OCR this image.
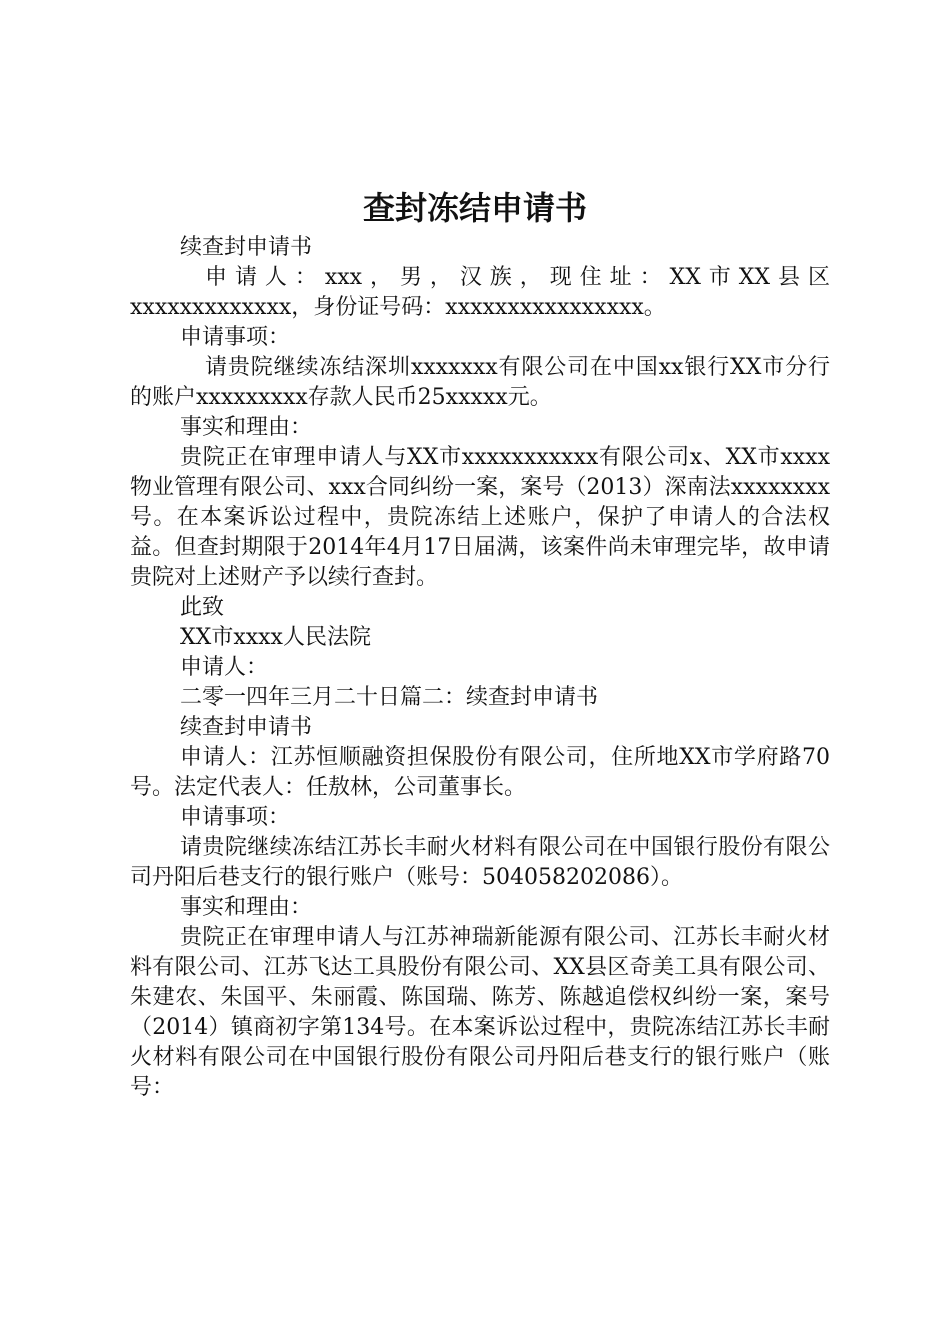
查封冻结申请书

续查封申请书

申请人：xxx，男，汉族，现住址：XX市XX县区xxxxxxxxxxxxx，身份证号码：xxxxxxxxxxxxxxxx。

申请事项：

请贵院继续冻结深圳xxxxxxx有限公司在中国xx银行XX市分行的账户xxxxxxxxx存款人民币25xxxxx元。

事实和理由：

贵院正在审理申请人与XX市xxxxxxxxxxx有限公司x、XX市xxxx物业管理有限公司、xxx合同纠纷一案，案号（2013）深南法xxxxxxxx号。在本案诉讼过程中，贵院冻结上述账户，保护了申请人的合法权益。但查封期限于2014年4月17日届满，该案件尚未审理完毕，故申请贵院对上述财产予以续行查封。

此致

XX市xxxx人民法院

申请人：

二零一四年三月二十日篇二：续查封申请书

续查封申请书

申请人：江苏恒顺融资担保股份有限公司，住所地XX市学府路70号。法定代表人：任敖林，公司董事长。

申请事项：

请贵院继续冻结江苏长丰耐火材料有限公司在中国银行股份有限公司丹阳后巷支行的银行账户（账号：504058202086）。

事实和理由：

贵院正在审理申请人与江苏神瑞新能源有限公司、江苏长丰耐火材料有限公司、江苏飞达工具股份有限公司、XX县区奇美工具有限公司、朱建农、朱国平、朱丽霞、陈国瑞、陈芳、陈越追偿权纠纷一案，案号（2014）镇商初字第134号。在本案诉讼过程中，贵院冻结江苏长丰耐火材料有限公司在中国银行股份有限公司丹阳后巷支行的银行账户（账号：
